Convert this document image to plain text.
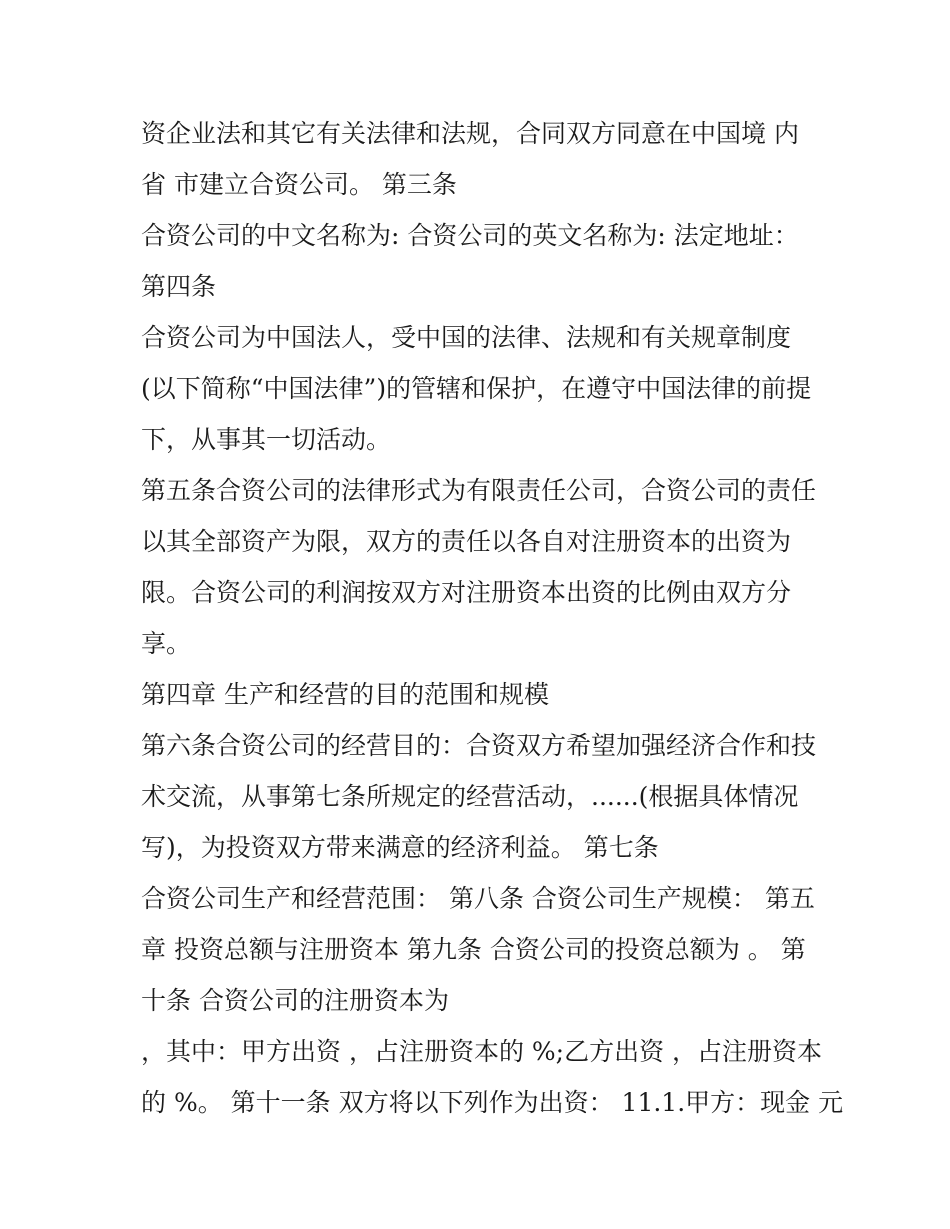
资企业法和其它有关法律和法规，合同双方同意在中国境 内
省 市建立合资公司。 第三条
合资公司的中文名称为: 合资公司的英文名称为: 法定地址：
第四条
合资公司为中国法人，受中国的法律、法规和有关规章制度
(以下简称“中国法律”)的管辖和保护，在遵守中国法律的前提
下，从事其一切活动。
第五条合资公司的法律形式为有限责任公司，合资公司的责任
以其全部资产为限，双方的责任以各自对注册资本的出资为
限。合资公司的利润按双方对注册资本出资的比例由双方分
享。
第四章 生产和经营的目的范围和规模
第六条合资公司的经营目的：合资双方希望加强经济合作和技
术交流，从事第七条所规定的经营活动，......(根据具体情况
写)，为投资双方带来满意的经济利益。 第七条
合资公司生产和经营范围： 第八条 合资公司生产规模： 第五
章 投资总额与注册资本 第九条 合资公司的投资总额为 。 第
十条 合资公司的注册资本为
，其中：甲方出资 ，占注册资本的 %;乙方出资 ，占注册资本
的 %。 第十一条 双方将以下列作为出资： 11.1.甲方：现金 元
